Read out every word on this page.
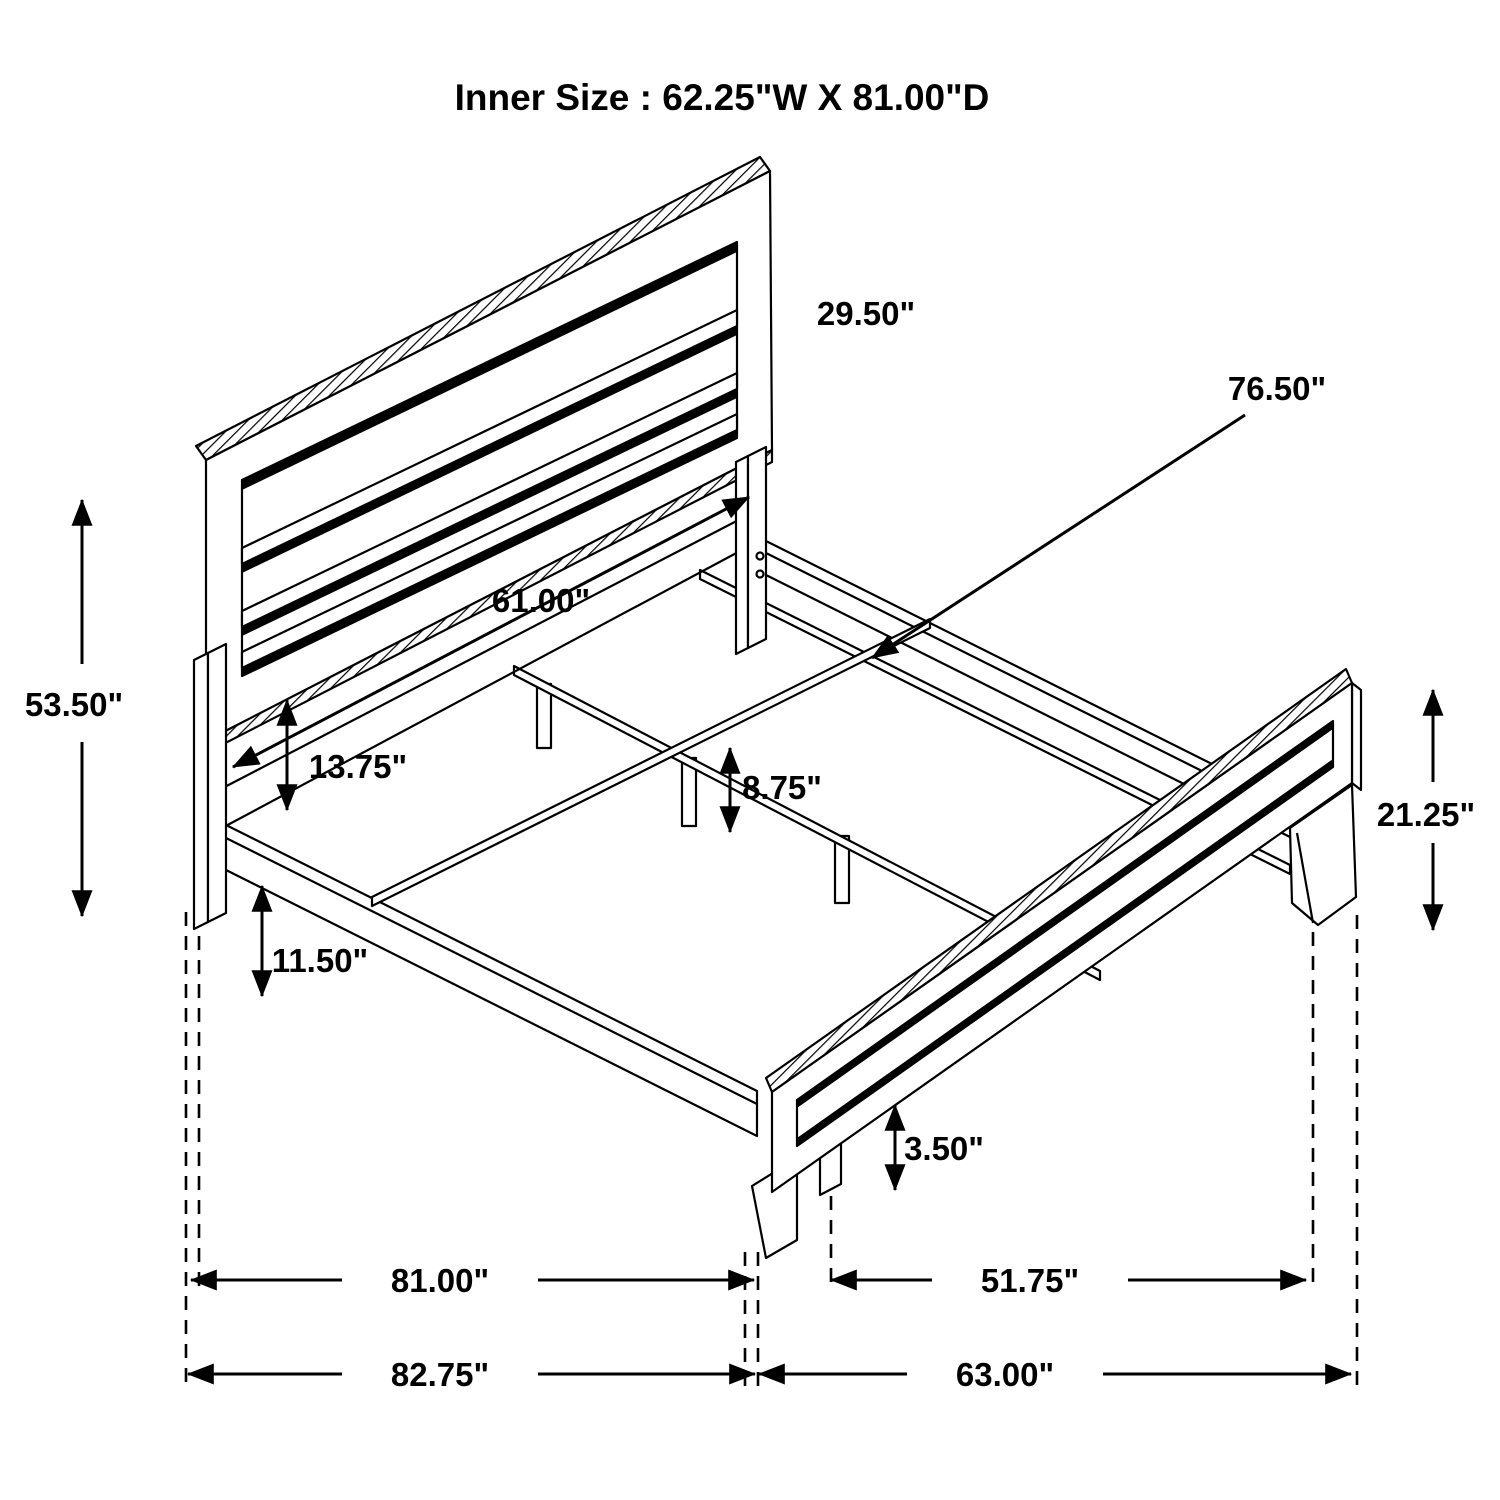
Inner Size : 62.25"W X 81.00"D
29.50"
76.50"
53.50"
61.00"
13.75"
8.75"
21.25"
11.50"
3.50"
81.00"	51.75"
82.75"	63.00"
